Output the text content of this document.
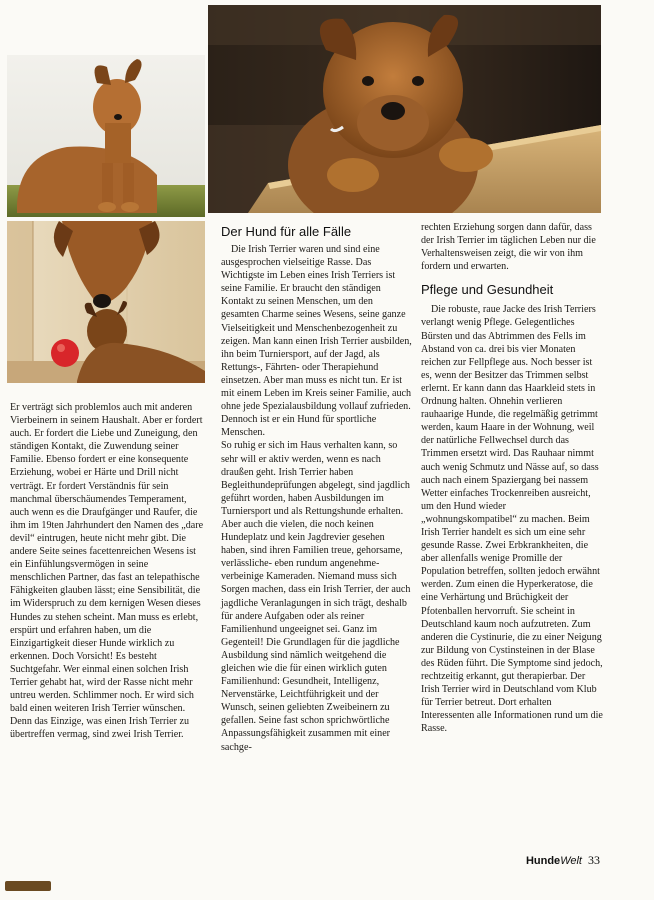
Er verträgt sich problemlos auch mit anderen Vierbeinern in seinem Haushalt. Aber er fordert auch. Er fordert die Liebe und Zuneigung, den ständigen Kontakt, die Zuwendung seiner Familie. Ebenso fordert er eine konsequente Erziehung, wobei er Härte und Drill nicht verträgt. Er fordert Verständnis für sein manchmal überschäumendes Temperament, auch wenn es die Draufgänger und Raufer, die ihm im 19ten Jahrhundert den Namen des „dare devil“ eintrugen, heute nicht mehr gibt. Die andere Seite seines facettenreichen Wesens ist ein Einfühlungsvermögen in seine menschlichen Partner, das fast an telepathische Fähigkeiten glauben lässt; eine Sensibilität, die im Widerspruch zu dem kernigen Wesen dieses Hundes zu stehen scheint. Man muss es erlebt, erspürt und erfahren haben, um die Einzigartigkeit dieser Hunde wirklich zu erkennen. Doch Vorsicht! Es besteht Suchtgefahr. Wer einmal einen solchen Irish Terrier gehabt hat, wird der Rasse nicht mehr untreu werden. Schlimmer noch. Er wird sich bald einen weiteren Irish Terrier wünschen. Denn das Einzige, was einen Irish Terrier zu übertreffen vermag, sind zwei Irish Terrier.

Der Hund für alle Fälle

Die Irish Terrier waren und sind eine ausgesprochen vielseitige Rasse. Das Wichtigste im Leben eines Irish Terriers ist seine Familie. Er braucht den ständigen Kontakt zu seinen Menschen, um den gesamten Charme seines Wesens, seine ganze Vielseitigkeit und Menschenbezogenheit zu zeigen. Man kann einen Irish Terrier ausbilden, ihn beim Turniersport, auf der Jagd, als Rettungs-, Fährten- oder Therapiehund einsetzen. Aber man muss es nicht tun. Er ist mit einem Leben im Kreis seiner Familie, auch ohne jede Spezialausbildung vollauf zufrieden. Dennoch ist er ein Hund für sportliche Menschen.

So ruhig er sich im Haus verhalten kann, so sehr will er aktiv werden, wenn es nach draußen geht. Irish Terrier haben Begleithundeprüfungen abgelegt, sind jagdlich geführt worden, haben Ausbildungen im Turniersport und als Rettungshunde erhalten. Aber auch die vielen, die noch keinen Hundeplatz und kein Jagdrevier gesehen haben, sind ihren Familien treue, gehorsame, verlässliche- eben rundum angenehme- verbeinige Kameraden. Niemand muss sich Sorgen machen, dass ein Irish Terrier, der auch jagdliche Veranlagungen in sich trägt, deshalb für andere Aufgaben oder als reiner Familienhund ungeeignet sei. Ganz im Gegenteil! Die Grundlagen für die jagdliche Ausbildung sind nämlich weitgehend die gleichen wie die für einen wirklich guten Familienhund: Gesundheit, Intelligenz, Nervenstärke, Leichtführigkeit und der Wunsch, seinen geliebten Zweibeinern zu gefallen. Seine fast schon sprichwörtliche Anpassungsfähigkeit zusammen mit einer sachge-

rechten Erziehung sorgen dann dafür, dass der Irish Terrier im täglichen Leben nur die Verhaltensweisen zeigt, die wir von ihm fordern und erwarten.

Pflege und Gesundheit

Die robuste, raue Jacke des Irish Terriers verlangt wenig Pflege. Gelegentliches Bürsten und das Abtrimmen des Fells im Abstand von ca. drei bis vier Monaten reichen zur Fellpflege aus. Noch besser ist es, wenn der Besitzer das Trimmen selbst erlernt. Er kann dann das Haarkleid stets in Ordnung halten. Ohnehin verlieren rauhaarige Hunde, die regelmäßig getrimmt werden, kaum Haare in der Wohnung, weil der natürliche Fellwechsel durch das Trimmen ersetzt wird. Das Rauhaar nimmt auch wenig Schmutz und Nässe auf, so dass auch nach einem Spaziergang bei nassem Wetter einfaches Trockenreiben ausreicht, um den Hund wieder „wohnungskompatibel“ zu machen. Beim Irish Terrier handelt es sich um eine sehr gesunde Rasse. Zwei Erbkrankheiten, die aber allenfalls wenige Promille der Population betreffen, sollten jedoch erwähnt werden. Zum einen die Hyperkeratose, die eine Verhärtung und Brüchigkeit der Pfotenballen hervorruft. Sie scheint in Deutschland kaum noch aufzutreten. Zum anderen die Cystinurie, die zu einer Neigung zur Bildung von Cystinsteinen in der Blase des Rüden führt. Die Symptome sind jedoch, rechtzeitig erkannt, gut therapierbar. Der Irish Terrier wird in Deutschland vom Klub für Terrier betreut. Dort erhalten Interessenten alle Informationen rund um die Rasse.

HundeWelt 33
